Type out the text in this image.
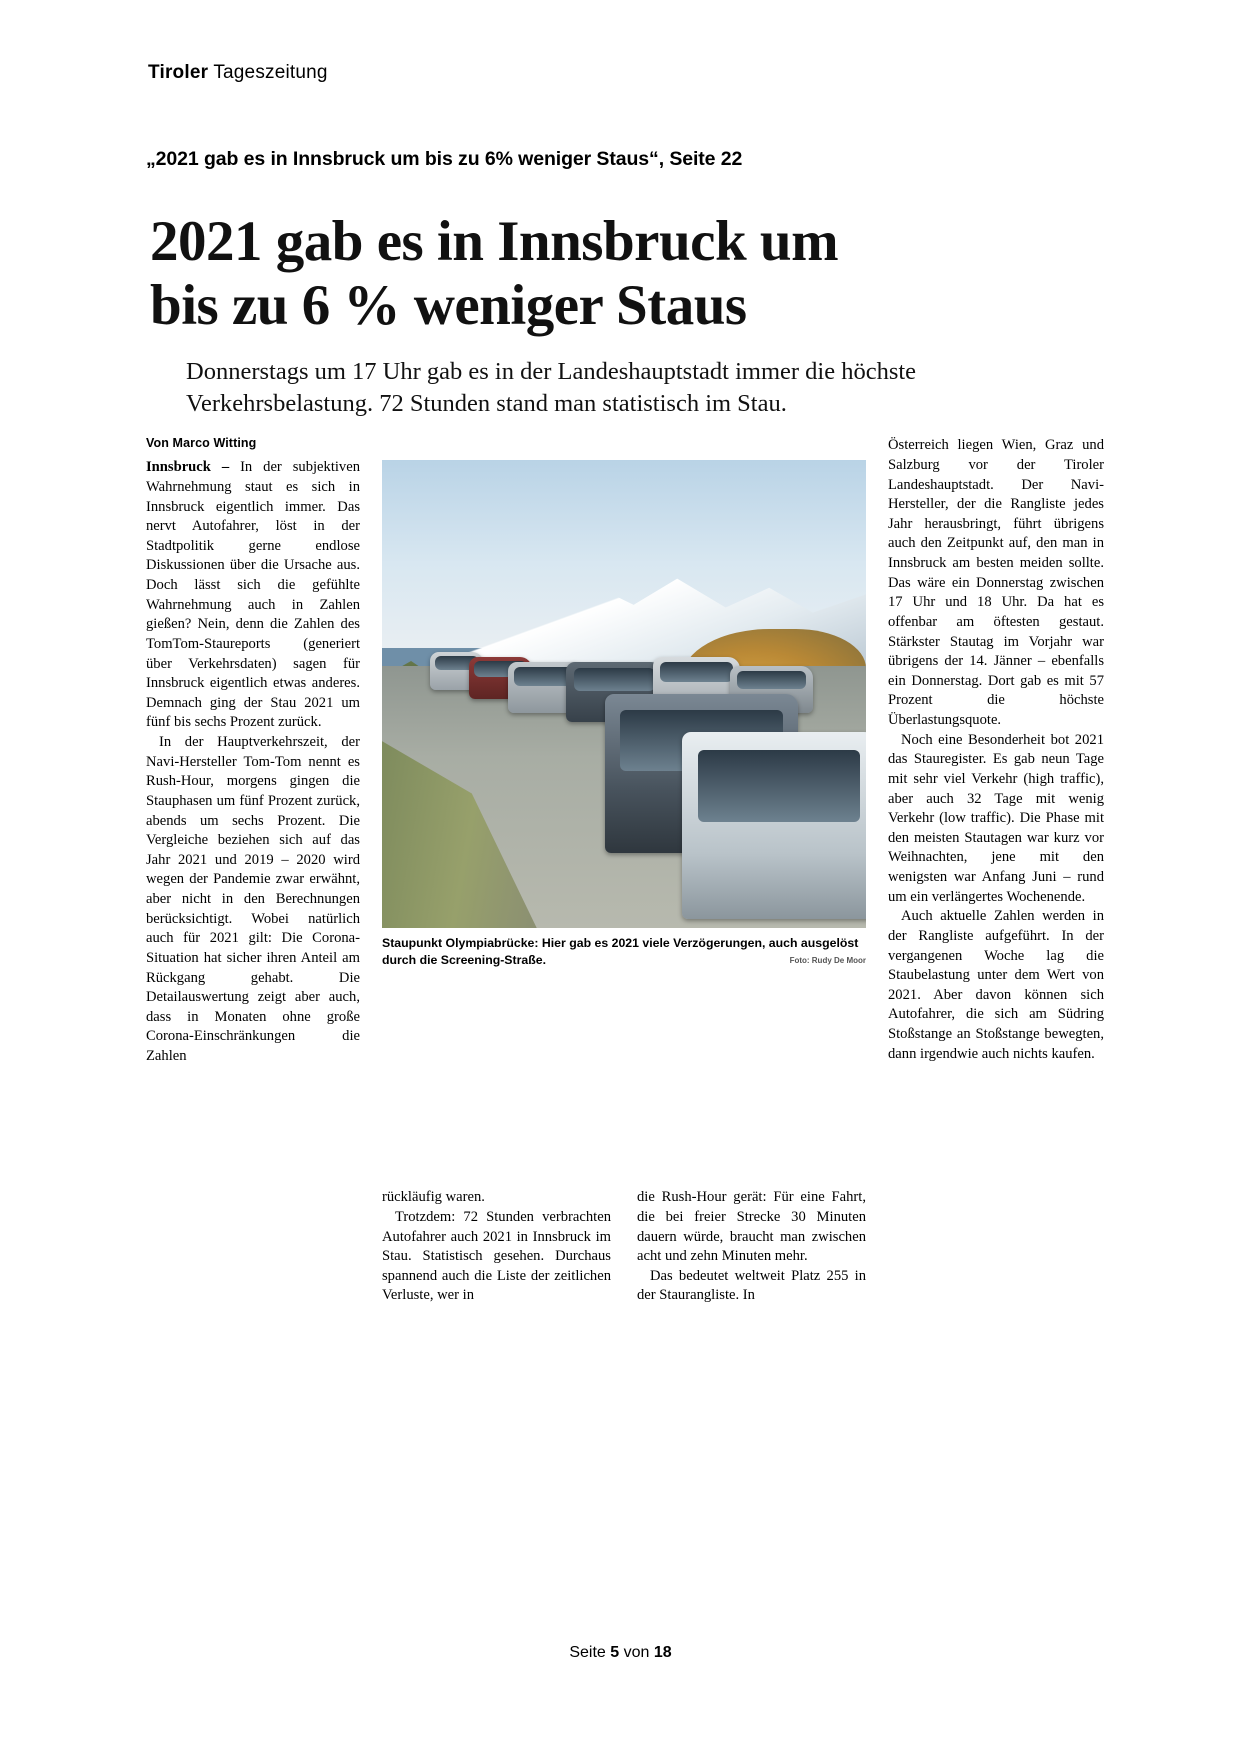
Tiroler Tageszeitung
„2021 gab es in Innsbruck um bis zu 6% weniger Staus“, Seite 22
2021 gab es in Innsbruck um
bis zu 6 % weniger Staus
Donnerstags um 17 Uhr gab es in der Landeshauptstadt immer die höchste Verkehrsbelastung. 72 Stunden stand man statistisch im Stau.
Von Marco Witting

Innsbruck – In der subjektiven Wahrnehmung staut es sich in Innsbruck eigentlich immer. Das nervt Autofahrer, löst in der Stadtpolitik gerne endlose Diskussionen über die Ursache aus. Doch lässt sich die gefühlte Wahrnehmung auch in Zahlen gießen? Nein, denn die Zahlen des TomTom-Staureports (generiert über Verkehrsdaten) sagen für Innsbruck eigentlich etwas anderes. Demnach ging der Stau 2021 um fünf bis sechs Prozent zurück.

In der Hauptverkehrszeit, der Navi-Hersteller Tom-Tom nennt es Rush-Hour, morgens gingen die Stauphasen um fünf Prozent zurück, abends um sechs Prozent. Die Vergleiche beziehen sich auf das Jahr 2021 und 2019 – 2020 wird wegen der Pandemie zwar erwähnt, aber nicht in den Berechnungen berücksichtigt. Wobei natürlich auch für 2021 gilt: Die Corona-Situation hat sicher ihren Anteil am Rückgang gehabt. Die Detailauswertung zeigt aber auch, dass in Monaten ohne große Corona-Einschränkungen die Zahlen

Staupunkt Olympiabrücke: Hier gab es 2021 viele Verzögerungen, auch ausgelöst durch die Screening-Straße.	Foto: Rudy De Moor

Österreich liegen Wien, Graz und Salzburg vor der Tiroler Landeshauptstadt. Der Navi-Hersteller, der die Rangliste jedes Jahr herausbringt, führt übrigens auch den Zeitpunkt auf, den man in Innsbruck am besten meiden sollte. Das wäre ein Donnerstag zwischen 17 Uhr und 18 Uhr. Da hat es offenbar am öftesten gestaut. Stärkster Stautag im Vorjahr war übrigens der 14. Jänner – ebenfalls ein Donnerstag. Dort gab es mit 57 Prozent die höchste Überlastungsquote.

Noch eine Besonderheit bot 2021 das Stauregister. Es gab neun Tage mit sehr viel Verkehr (high traffic), aber auch 32 Tage mit wenig Verkehr (low traffic). Die Phase mit den meisten Stautagen war kurz vor Weihnachten, jene mit den wenigsten war Anfang Juni – rund um ein verlängertes Wochenende.

Auch aktuelle Zahlen werden in der Rangliste aufgeführt. In der vergangenen Woche lag die Staubelastung unter dem Wert von 2021. Aber davon können sich Autofahrer, die sich am Südring Stoßstange an Stoßstange bewegten, dann irgendwie auch nichts kaufen.

rückläufig waren.

Trotzdem: 72 Stunden verbrachten Autofahrer auch 2021 in Innsbruck im Stau. Statistisch gesehen. Durchaus spannend auch die Liste der zeitlichen Verluste, wer in

die Rush-Hour gerät: Für eine Fahrt, die bei freier Strecke 30 Minuten dauern würde, braucht man zwischen acht und zehn Minuten mehr.

Das bedeutet weltweit Platz 255 in der Staurangliste. In

Seite 5 von 18
